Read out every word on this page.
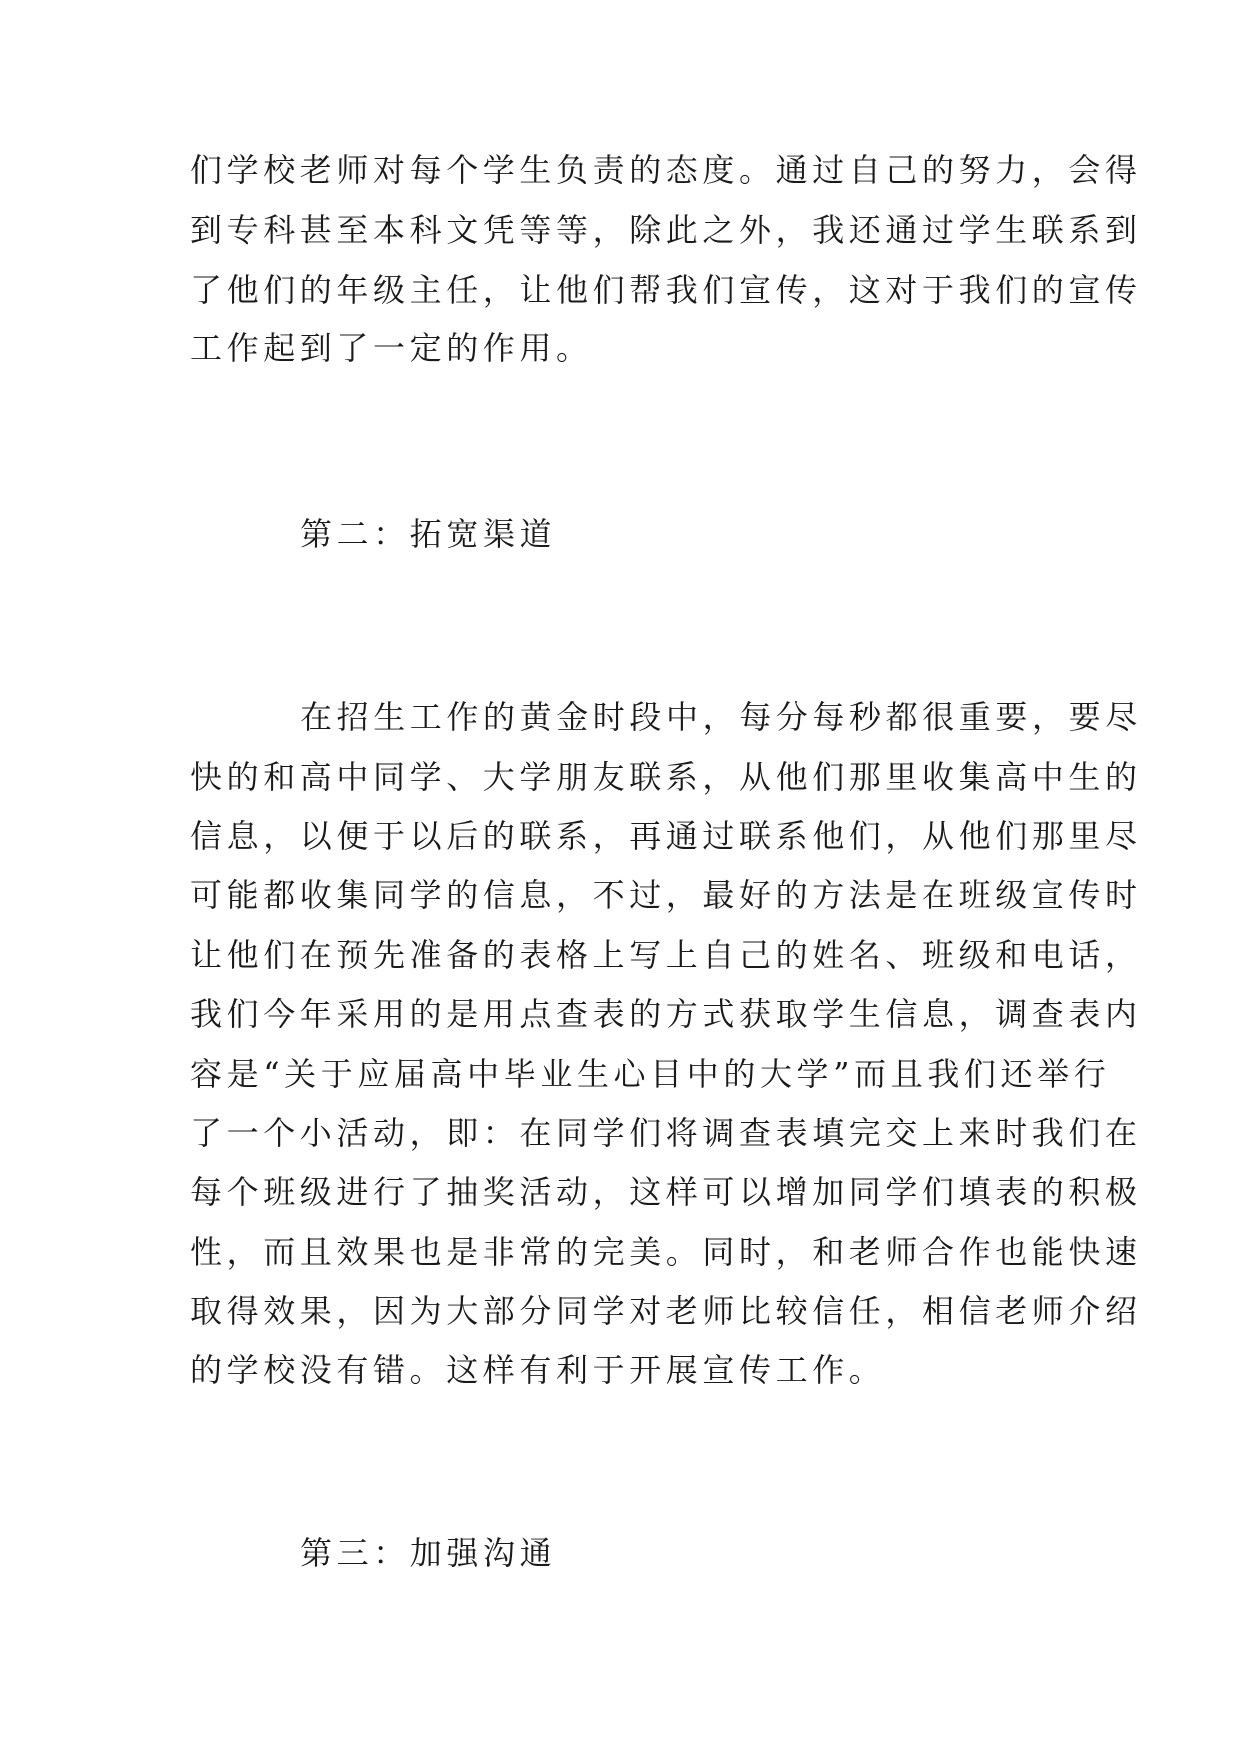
们学校老师对每个学生负责的态度。通过自己的努力，会得
到专科甚至本科文凭等等，除此之外，我还通过学生联系到
了他们的年级主任，让他们帮我们宣传，这对于我们的宣传
工作起到了一定的作用。
第二：拓宽渠道
在招生工作的黄金时段中，每分每秒都很重要，要尽
快的和高中同学、大学朋友联系，从他们那里收集高中生的
信息，以便于以后的联系，再通过联系他们，从他们那里尽
可能都收集同学的信息，不过，最好的方法是在班级宣传时
让他们在预先准备的表格上写上自己的姓名、班级和电话，
我们今年采用的是用点查表的方式获取学生信息，调查表内
容是“关于应届高中毕业生心目中的大学”而且我们还举行
了一个小活动，即：在同学们将调查表填完交上来时我们在
每个班级进行了抽奖活动，这样可以增加同学们填表的积极
性，而且效果也是非常的完美。同时，和老师合作也能快速
取得效果，因为大部分同学对老师比较信任，相信老师介绍
的学校没有错。这样有利于开展宣传工作。
第三：加强沟通
